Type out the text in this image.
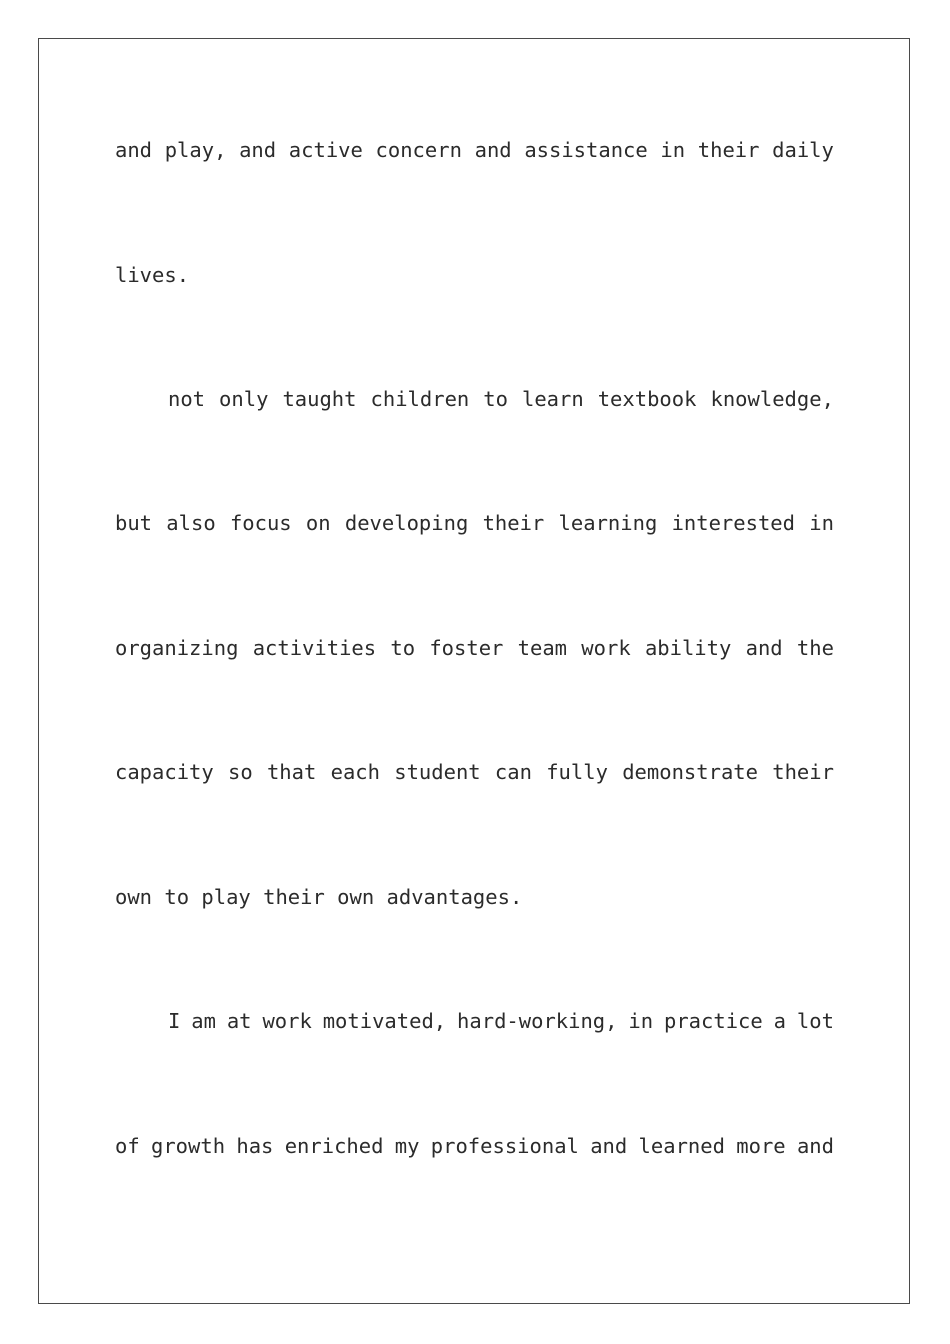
and play, and active concern and assistance in their daily
lives.
not only taught children to learn textbook knowledge,
but also focus on developing their learning interested in
organizing activities to foster team work ability and the
capacity so that each student can fully demonstrate their
own to play their own advantages.
I am at work motivated, hard-working, in practice a lot
of growth has enriched my professional and learned more and
